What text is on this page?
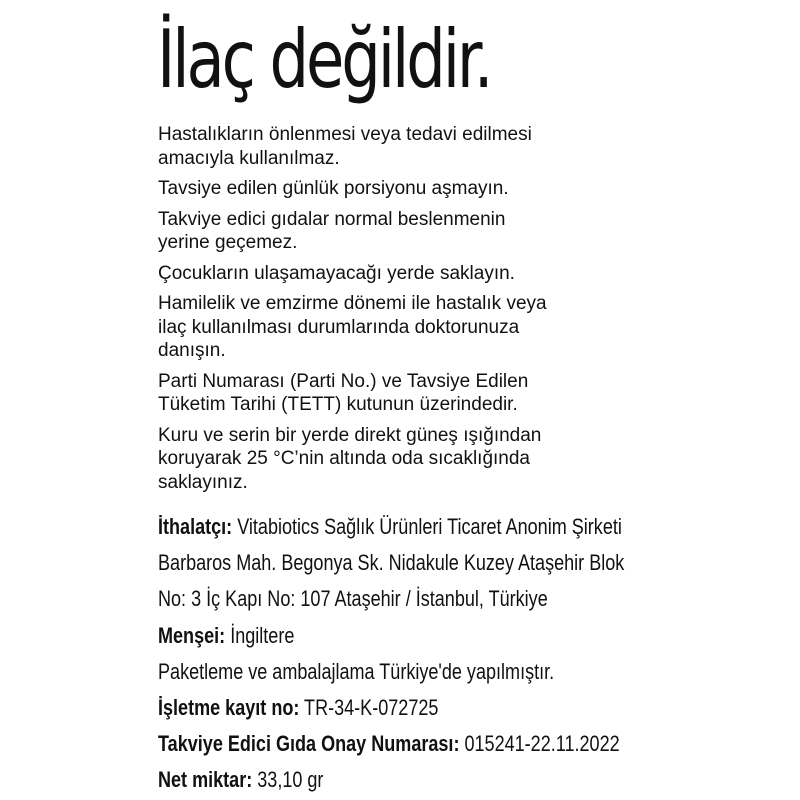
İlaç değildir.
Hastalıkların önlenmesi veya tedavi edilmesi
amacıyla kullanılmaz.
Tavsiye edilen günlük porsiyonu aşmayın.
Takviye edici gıdalar normal beslenmenin
yerine geçemez.
Çocukların ulaşamayacağı yerde saklayın.
Hamilelik ve emzirme dönemi ile hastalık veya
ilaç kullanılması durumlarında doktorunuza
danışın.
Parti Numarası (Parti No.) ve Tavsiye Edilen
Tüketim Tarihi (TETT) kutunun üzerindedir.
Kuru ve serin bir yerde direkt güneş ışığından
koruyarak 25 °C’nin altında oda sıcaklığında
saklayınız.
İthalatçı: Vitabiotics Sağlık Ürünleri Ticaret Anonim Şirketi
Barbaros Mah. Begonya Sk. Nidakule Kuzey Ataşehir Blok
No: 3 İç Kapı No: 107 Ataşehir / İstanbul, Türkiye
Menşei: İngiltere
Paketleme ve ambalajlama Türkiye'de yapılmıştır.
İşletme kayıt no: TR-34-K-072725
Takviye Edici Gıda Onay Numarası: 015241-22.11.2022
Net miktar: 33,10 gr
